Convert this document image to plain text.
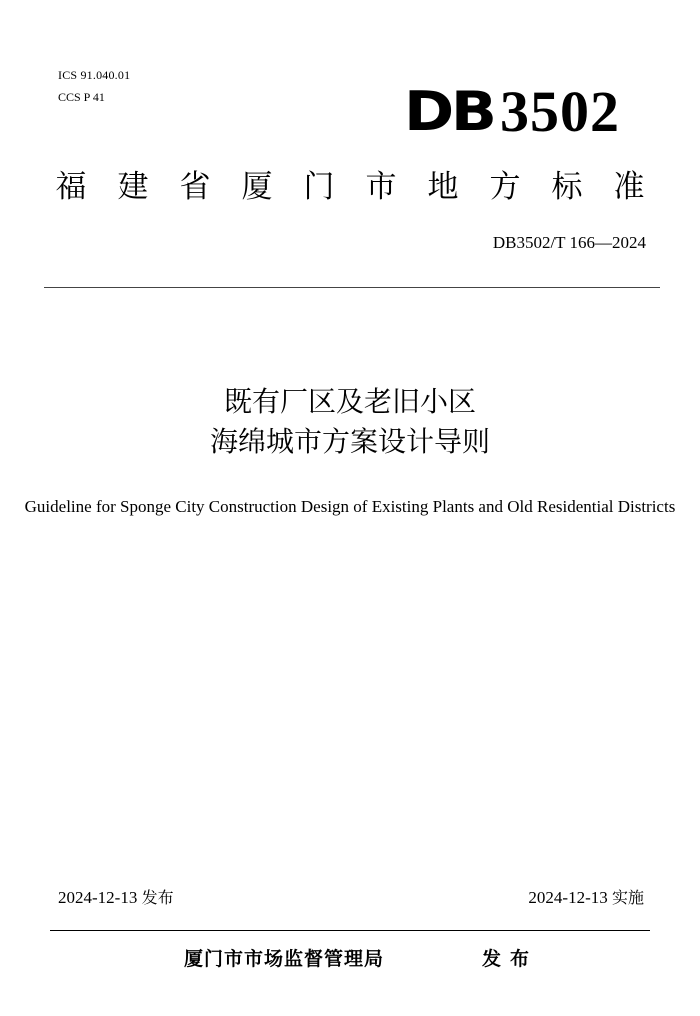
ICS 91.040.01
CCS P 41	DB 3502
福	建	省	厦	门	市	地	方	标	准
DB3502/T 166—2024
既有厂区及老旧小区
海绵城市方案设计导则
Guideline for Sponge City Construction Design of Existing Plants and Old Residential Districts
2024-12-13 发布	2024-12-13 实施
厦门市市场监督管理局	发布
